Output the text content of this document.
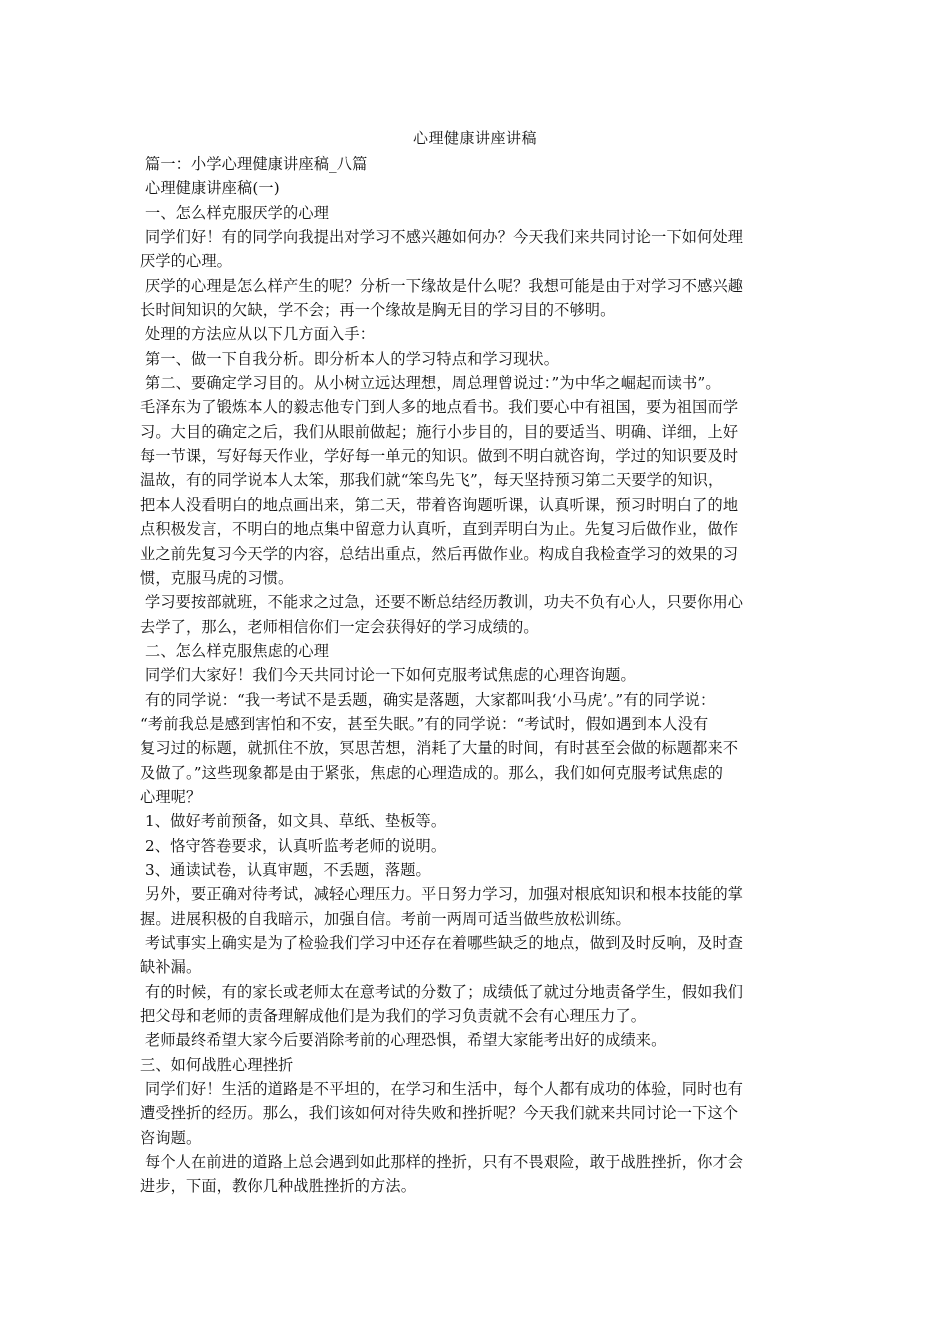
心理健康讲座讲稿

篇一：小学心理健康讲座稿_八篇

心理健康讲座稿(一)

一、怎么样克服厌学的心理

同学们好！有的同学向我提出对学习不感兴趣如何办？今天我们来共同讨论一下如何处理
厌学的心理。

厌学的心理是怎么样产生的呢？分析一下缘故是什么呢？我想可能是由于对学习不感兴趣
长时间知识的欠缺，学不会；再一个缘故是胸无目的学习目的不够明。

处理的方法应从以下几方面入手：

第一、做一下自我分析。即分析本人的学习特点和学习现状。

第二、要确定学习目的。从小树立远达理想，周总理曾说过：”为中华之崛起而读书”。
毛泽东为了锻炼本人的毅志他专门到人多的地点看书。我们要心中有祖国，要为祖国而学
习。大目的确定之后，我们从眼前做起；施行小步目的，目的要适当、明确、详细，上好
每一节课，写好每天作业，学好每一单元的知识。做到不明白就咨询，学过的知识要及时
温故，有的同学说本人太笨，那我们就“笨鸟先飞”，每天坚持预习第二天要学的知识，
把本人没看明白的地点画出来，第二天，带着咨询题听课，认真听课，预习时明白了的地
点积极发言，不明白的地点集中留意力认真听，直到弄明白为止。先复习后做作业，做作
业之前先复习今天学的内容，总结出重点，然后再做作业。构成自我检查学习的效果的习
惯，克服马虎的习惯。

学习要按部就班，不能求之过急，还要不断总结经历教训，功夫不负有心人，只要你用心
去学了，那么，老师相信你们一定会获得好的学习成绩的。

二、怎么样克服焦虑的心理

同学们大家好！我们今天共同讨论一下如何克服考试焦虑的心理咨询题。

有的同学说：“我一考试不是丢题，确实是落题，大家都叫我‘小马虎’。”有的同学说：
“考前我总是感到害怕和不安，甚至失眠。”有的同学说：“考试时，假如遇到本人没有
复习过的标题，就抓住不放，冥思苦想，消耗了大量的时间，有时甚至会做的标题都来不
及做了。”这些现象都是由于紧张，焦虑的心理造成的。那么，我们如何克服考试焦虑的
心理呢？

1、做好考前预备，如文具、草纸、垫板等。

2、恪守答卷要求，认真听监考老师的说明。

3、通读试卷，认真审题，不丢题，落题。

另外，要正确对待考试，减轻心理压力。平日努力学习，加强对根底知识和根本技能的掌
握。进展积极的自我暗示，加强自信。考前一两周可适当做些放松训练。

考试事实上确实是为了检验我们学习中还存在着哪些缺乏的地点，做到及时反响，及时查
缺补漏。

有的时候，有的家长或老师太在意考试的分数了；成绩低了就过分地责备学生，假如我们
把父母和老师的责备理解成他们是为我们的学习负责就不会有心理压力了。

老师最终希望大家今后要消除考前的心理恐惧，希望大家能考出好的成绩来。

三、如何战胜心理挫折

同学们好！生活的道路是不平坦的，在学习和生活中，每个人都有成功的体验，同时也有
遭受挫折的经历。那么，我们该如何对待失败和挫折呢？今天我们就来共同讨论一下这个
咨询题。

每个人在前进的道路上总会遇到如此那样的挫折，只有不畏艰险，敢于战胜挫折，你才会
进步，下面，教你几种战胜挫折的方法。
